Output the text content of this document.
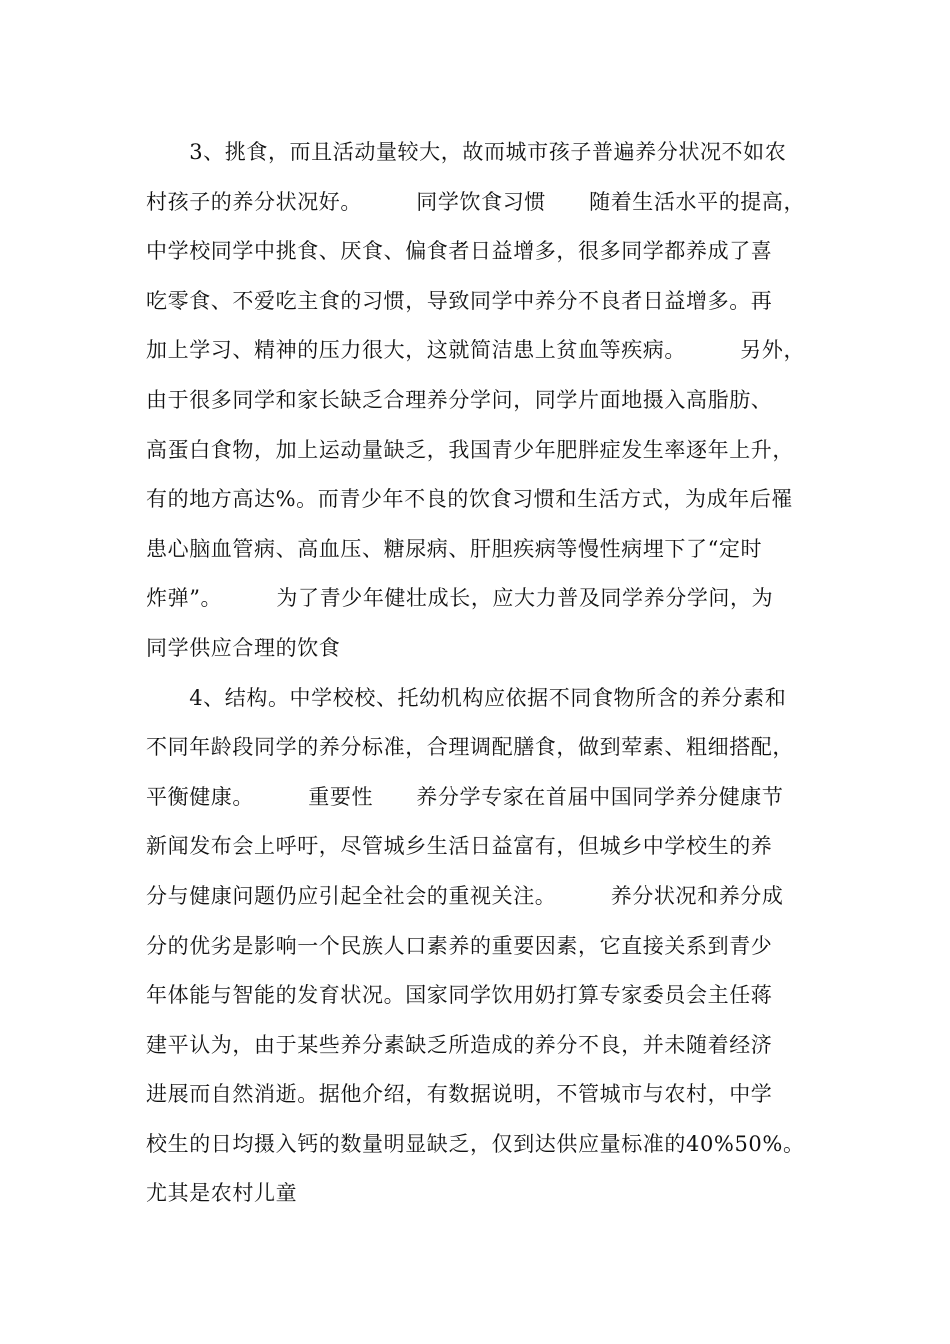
　　3、挑食，而且活动量较大，故而城市孩子普遍养分状况不如农
村孩子的养分状况好。　　　同学饮食习惯　　随着生活水平的提高，
中学校同学中挑食、厌食、偏食者日益增多，很多同学都养成了喜
吃零食、不爱吃主食的习惯，导致同学中养分不良者日益增多。再
加上学习、精神的压力很大，这就简洁患上贫血等疾病。　　　另外，
由于很多同学和家长缺乏合理养分学问，同学片面地摄入高脂肪、
高蛋白食物，加上运动量缺乏，我国青少年肥胖症发生率逐年上升，
有的地方高达%。而青少年不良的饮食习惯和生活方式，为成年后罹
患心脑血管病、高血压、糖尿病、肝胆疾病等慢性病埋下了“定时
炸弹”。　　　为了青少年健壮成长，应大力普及同学养分学问，为
同学供应合理的饮食
　　4、结构。中学校校、托幼机构应依据不同食物所含的养分素和
不同年龄段同学的养分标准，合理调配膳食，做到荤素、粗细搭配，
平衡健康。　　　重要性　　养分学专家在首届中国同学养分健康节
新闻发布会上呼吁，尽管城乡生活日益富有，但城乡中学校生的养
分与健康问题仍应引起全社会的重视关注。　　　养分状况和养分成
分的优劣是影响一个民族人口素养的重要因素，它直接关系到青少
年体能与智能的发育状况。国家同学饮用奶打算专家委员会主任蒋
建平认为，由于某些养分素缺乏所造成的养分不良，并未随着经济
进展而自然消逝。据他介绍，有数据说明，不管城市与农村，中学
校生的日均摄入钙的数量明显缺乏，仅到达供应量标准的40%50%。
尤其是农村儿童
